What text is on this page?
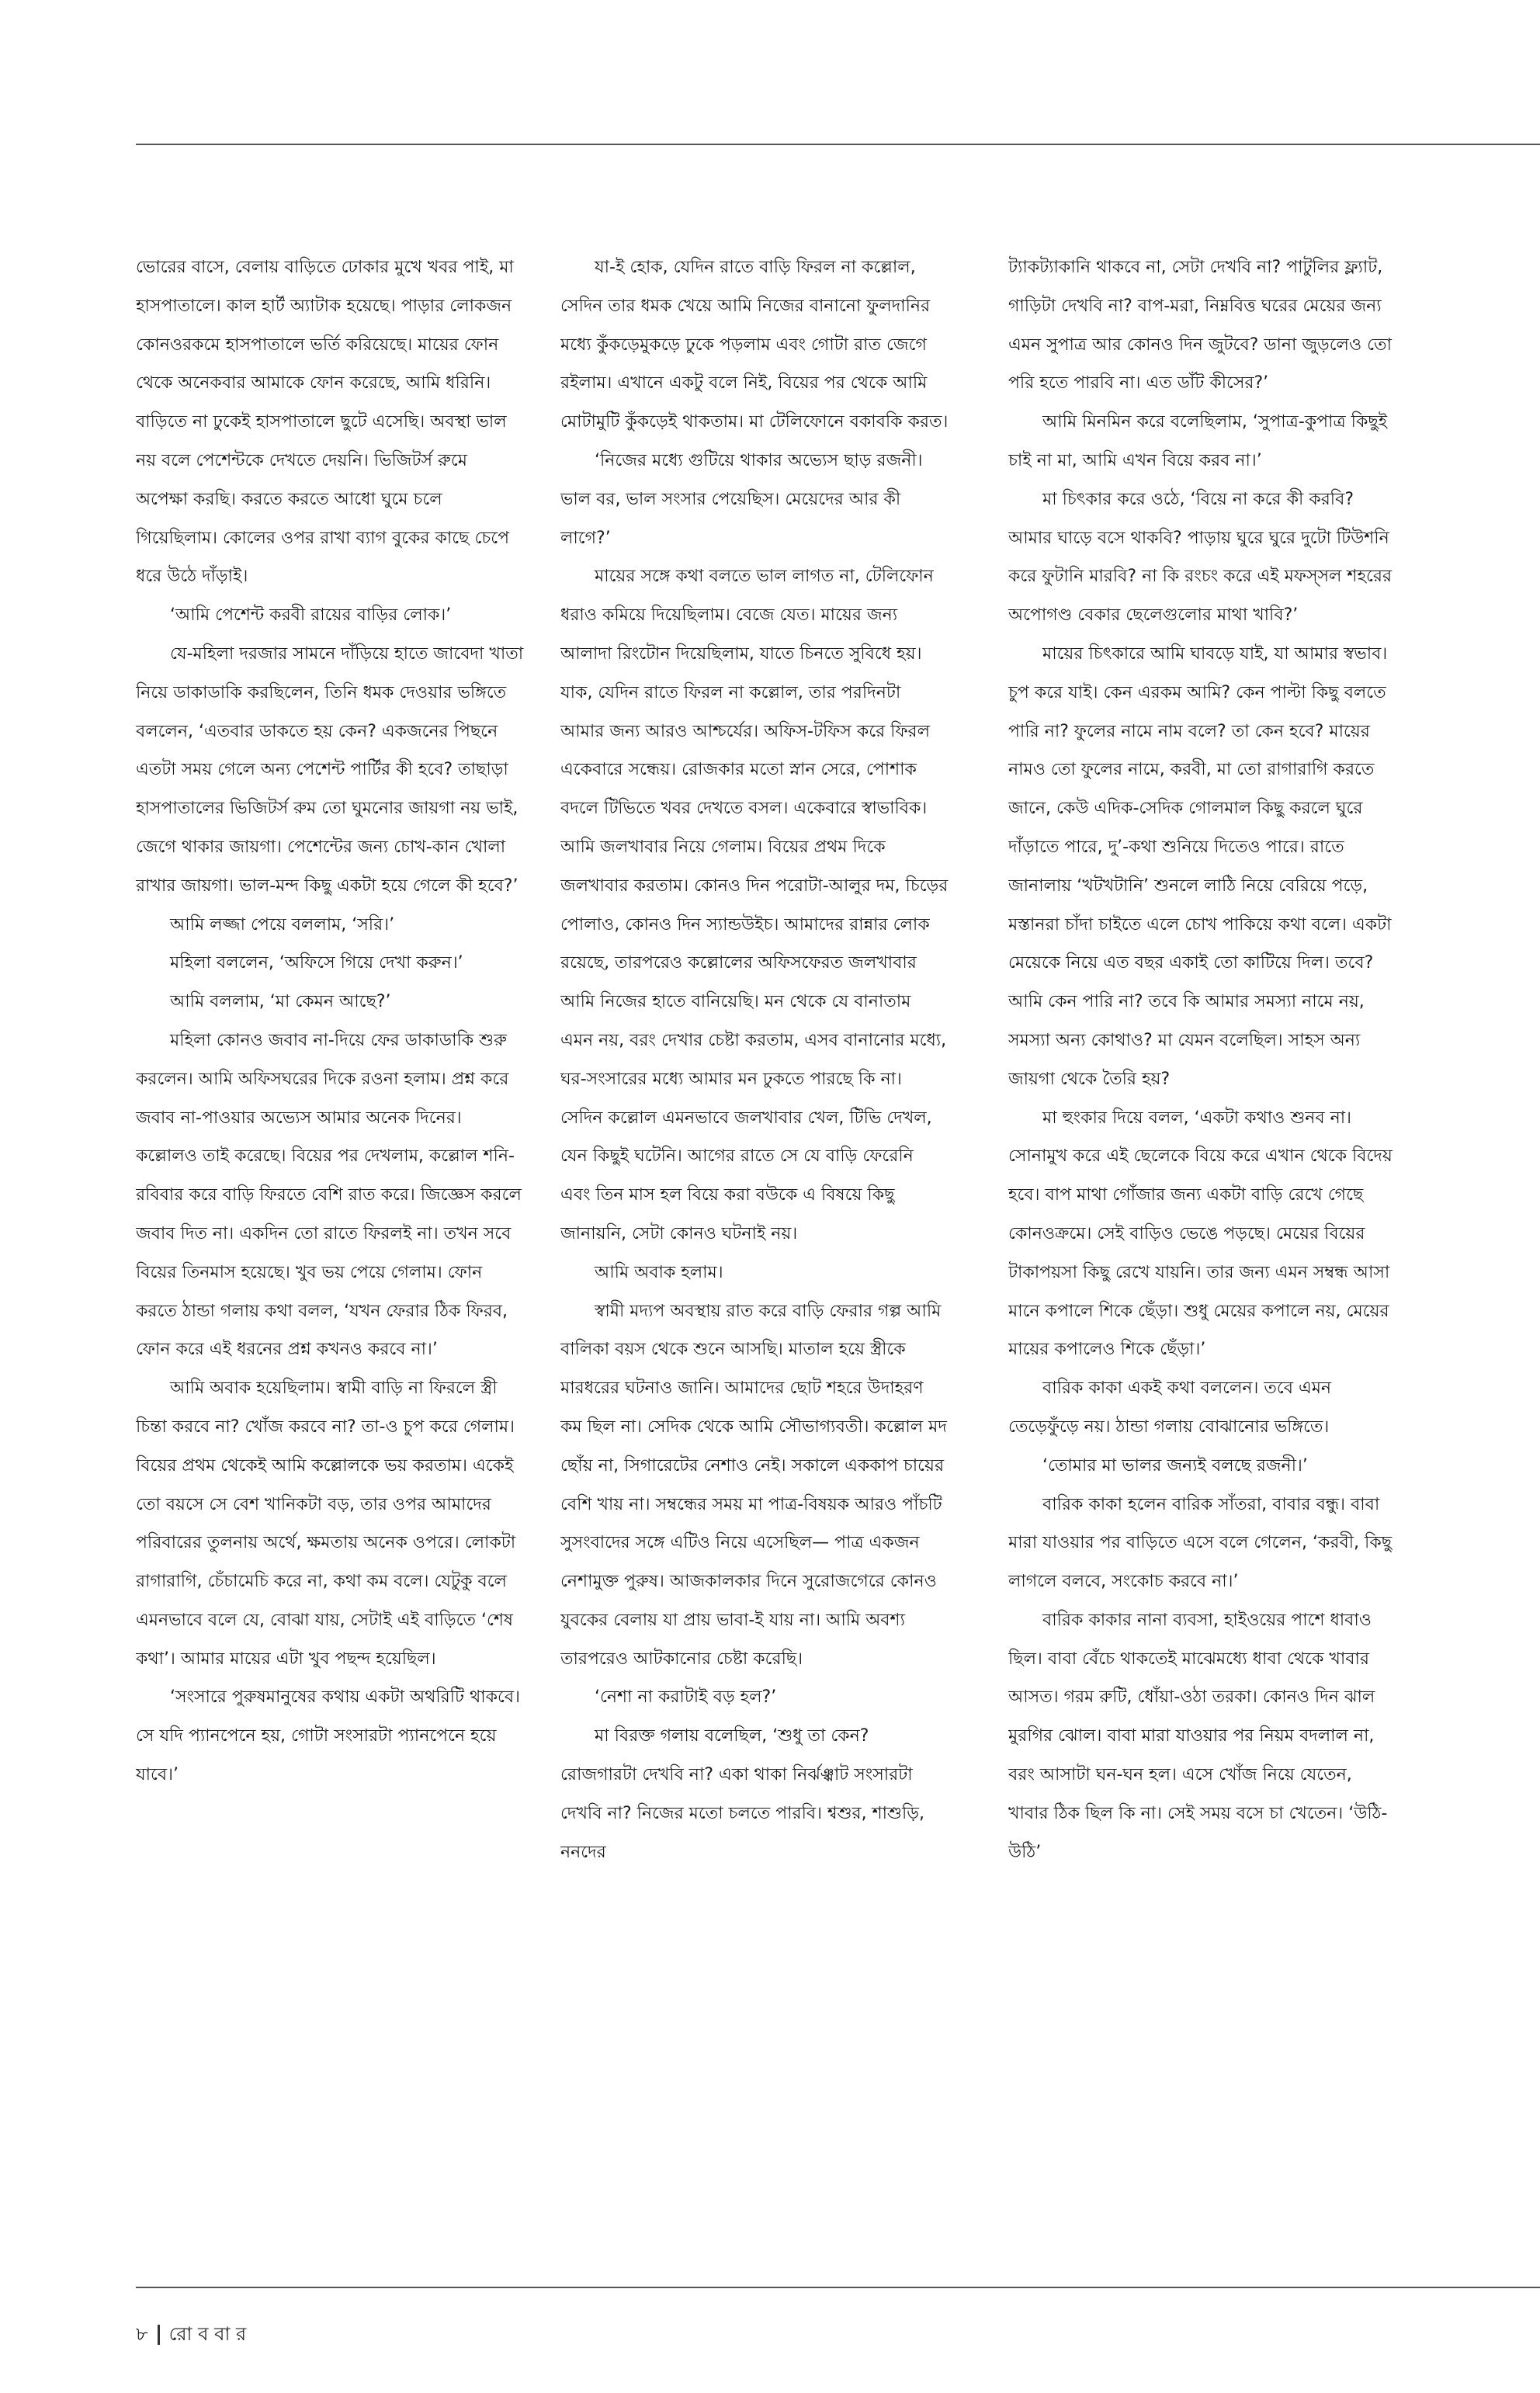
ভোরের বাসে, বেলায় বাড়িতে ঢোকার মুখে খবর পাই, মা হাসপাতালে। কাল হার্ট অ্যাটাক হয়েছে। পাড়ার লোকজন কোনওরকমে হাসপাতালে ভর্তি করিয়েছে। মায়ের ফোন থেকে অনেকবার আমাকে ফোন করেছে, আমি ধরিনি। বাড়িতে না ঢুকেই হাসপাতালে ছুটে এসেছি। অবস্থা ভাল নয় বলে পেশেন্টকে দেখতে দেয়নি। ভিজিটর্স রুমে অপেক্ষা করছি। করতে করতে আধো ঘুমে চলে গিয়েছিলাম। কোলের ওপর রাখা ব্যাগ বুকের কাছে চেপে ধরে উঠে দাঁড়াই।

‘আমি পেশেন্ট করবী রায়ের বাড়ির লোক।’

যে-মহিলা দরজার সামনে দাঁড়িয়ে হাতে জাবেদা খাতা নিয়ে ডাকাডাকি করছিলেন, তিনি ধমক দেওয়ার ভঙ্গিতে বললেন, ‘এতবার ডাকতে হয় কেন? একজনের পিছনে এতটা সময় গেলে অন্য পেশেন্ট পার্টির কী হবে? তাছাড়া হাসপাতালের ভিজিটর্স রুম তো ঘুমনোর জায়গা নয় ভাই, জেগে থাকার জায়গা। পেশেন্টের জন্য চোখ-কান খোলা রাখার জায়গা। ভাল-মন্দ কিছু একটা হয়ে গেলে কী হবে?’

আমি লজ্জা পেয়ে বললাম, ‘সরি।’

মহিলা বললেন, ‘অফিসে গিয়ে দেখা করুন।’

আমি বললাম, ‘মা কেমন আছে?’

মহিলা কোনও জবাব না-দিয়ে ফের ডাকাডাকি শুরু করলেন। আমি অফিসঘরের দিকে রওনা হলাম। প্রশ্ন করে জবাব না-পাওয়ার অভ্যেস আমার অনেক দিনের। কল্লোলও তাই করেছে। বিয়ের পর দেখলাম, কল্লোল শনি-রবিবার করে বাড়ি ফিরতে বেশি রাত করে। জিজ্ঞেস করলে জবাব দিত না। একদিন তো রাতে ফিরলই না। তখন সবে বিয়ের তিনমাস হয়েছে। খুব ভয় পেয়ে গেলাম। ফোন করতে ঠান্ডা গলায় কথা বলল, ‘যখন ফেরার ঠিক ফিরব, ফোন করে এই ধরনের প্রশ্ন কখনও করবে না।’

আমি অবাক হয়েছিলাম। স্বামী বাড়ি না ফিরলে স্ত্রী চিন্তা করবে না? খোঁজ করবে না? তা-ও চুপ করে গেলাম। বিয়ের প্রথম থেকেই আমি কল্লোলকে ভয় করতাম। একেই তো বয়সে সে বেশ খানিকটা বড়, তার ওপর আমাদের পরিবারের তুলনায় অর্থে, ক্ষমতায় অনেক ওপরে। লোকটা রাগারাগি, চেঁচামেচি করে না, কথা কম বলে। যেটুকু বলে এমনভাবে বলে যে, বোঝা যায়, সেটাই এই বাড়িতে ‘শেষ কথা’। আমার মায়ের এটা খুব পছন্দ হয়েছিল।

‘সংসারে পুরুষমানুষের কথায় একটা অথরিটি থাকবে। সে যদি প্যানপেনে হয়, গোটা সংসারটা প্যানপেনে হয়ে যাবে।’

যা-ই হোক, যেদিন রাতে বাড়ি ফিরল না কল্লোল, সেদিন তার ধমক খেয়ে আমি নিজের বানানো ফুলদানির মধ্যে কুঁকড়েমুকড়ে ঢুকে পড়লাম এবং গোটা রাত জেগে রইলাম। এখানে একটু বলে নিই, বিয়ের পর থেকে আমি মোটামুটি কুঁকড়েই থাকতাম। মা টেলিফোনে বকাবকি করত।

‘নিজের মধ্যে গুটিয়ে থাকার অভ্যেস ছাড় রজনী। ভাল বর, ভাল সংসার পেয়েছিস। মেয়েদের আর কী লাগে?’

মায়ের সঙ্গে কথা বলতে ভাল লাগত না, টেলিফোন ধরাও কমিয়ে দিয়েছিলাম। বেজে যেত। মায়ের জন্য আলাদা রিংটোন দিয়েছিলাম, যাতে চিনতে সুবিধে হয়। যাক, যেদিন রাতে ফিরল না কল্লোল, তার পরদিনটা আমার জন্য আরও আশ্চর্যের। অফিস-টফিস করে ফিরল একেবারে সন্ধেয়। রোজকার মতো স্নান সেরে, পোশাক বদলে টিভিতে খবর দেখতে বসল। একেবারে স্বাভাবিক। আমি জলখাবার নিয়ে গেলাম। বিয়ের প্রথম দিকে জলখাবার করতাম। কোনও দিন পরোটা-আলুর দম, চিড়ের পোলাও, কোনও দিন স্যান্ডউইচ। আমাদের রান্নার লোক রয়েছে, তারপরেও কল্লোলের অফিসফেরত জলখাবার আমি নিজের হাতে বানিয়েছি। মন থেকে যে বানাতাম এমন নয়, বরং দেখার চেষ্টা করতাম, এসব বানানোর মধ্যে, ঘর-সংসারের মধ্যে আমার মন ঢুকতে পারছে কি না। সেদিন কল্লোল এমনভাবে জলখাবার খেল, টিভি দেখল, যেন কিছুই ঘটেনি। আগের রাতে সে যে বাড়ি ফেরেনি এবং তিন মাস হল বিয়ে করা বউকে এ বিষয়ে কিছু জানায়নি, সেটা কোনও ঘটনাই নয়।

আমি অবাক হলাম।

স্বামী মদ্যপ অবস্থায় রাত করে বাড়ি ফেরার গল্প আমি বালিকা বয়স থেকে শুনে আসছি। মাতাল হয়ে স্ত্রীকে মারধরের ঘটনাও জানি। আমাদের ছোট শহরে উদাহরণ কম ছিল না। সেদিক থেকে আমি সৌভাগ্যবতী। কল্লোল মদ ছোঁয় না, সিগারেটের নেশাও নেই। সকালে এককাপ চায়ের বেশি খায় না। সম্বন্ধের সময় মা পাত্র-বিষয়ক আরও পাঁচটি সুসংবাদের সঙ্গে এটিও নিয়ে এসেছিল— পাত্র একজন নেশামুক্ত পুরুষ। আজকালকার দিনে সুরোজগেরে কোনও যুবকের বেলায় যা প্রায় ভাবা-ই যায় না। আমি অবশ্য তারপরেও আটকানোর চেষ্টা করেছি।

‘নেশা না করাটাই বড় হল?’

মা বিরক্ত গলায় বলেছিল, ‘শুধু তা কেন? রোজগারটা দেখবি না? একা থাকা নির্ঝঞ্ঝাট সংসারটা দেখবি না? নিজের মতো চলতে পারবি। শ্বশুর, শাশুড়ি, ননদের

ট্যাকট্যাকানি থাকবে না, সেটা দেখবি না? পাটুলির ফ্ল্যাট, গাড়িটা দেখবি না? বাপ-মরা, নিম্নবিত্ত ঘরের মেয়ের জন্য এমন সুপাত্র আর কোনও দিন জুটবে? ডানা জুড়লেও তো পরি হতে পারবি না। এত ডাঁট কীসের?’

আমি মিনমিন করে বলেছিলাম, ‘সুপাত্র-কুপাত্র কিছুই চাই না মা, আমি এখন বিয়ে করব না।’

মা চিৎকার করে ওঠে, ‘বিয়ে না করে কী করবি? আমার ঘাড়ে বসে থাকবি? পাড়ায় ঘুরে ঘুরে দুটো টিউশনি করে ফুটানি মারবি? না কি রংচং করে এই মফস্‌সল শহরের অপোগণ্ড বেকার ছেলেগুলোর মাথা খাবি?’

মায়ের চিৎকারে আমি ঘাবড়ে যাই, যা আমার স্বভাব। চুপ করে যাই। কেন এরকম আমি? কেন পাল্টা কিছু বলতে পারি না? ফুলের নামে নাম বলে? তা কেন হবে? মায়ের নামও তো ফুলের নামে, করবী, মা তো রাগারাগি করতে জানে, কেউ এদিক-সেদিক গোলমাল কিছু করলে ঘুরে দাঁড়াতে পারে, দু’-কথা শুনিয়ে দিতেও পারে। রাতে জানালায় ‘খটখটানি’ শুনলে লাঠি নিয়ে বেরিয়ে পড়ে, মস্তানরা চাঁদা চাইতে এলে চোখ পাকিয়ে কথা বলে। একটা মেয়েকে নিয়ে এত বছর একাই তো কাটিয়ে দিল। তবে? আমি কেন পারি না? তবে কি আমার সমস্যা নামে নয়, সমস্যা অন্য কোথাও? মা যেমন বলেছিল। সাহস অন্য জায়গা থেকে তৈরি হয়?

মা হুংকার দিয়ে বলল, ‘একটা কথাও শুনব না। সোনামুখ করে এই ছেলেকে বিয়ে করে এখান থেকে বিদেয় হবে। বাপ মাথা গোঁজার জন্য একটা বাড়ি রেখে গেছে কোনওক্রমে। সেই বাড়িও ভেঙে পড়ছে। মেয়ের বিয়ের টাকাপয়সা কিছু রেখে যায়নি। তার জন্য এমন সম্বন্ধ আসা মানে কপালে শিকে ছেঁড়া। শুধু মেয়ের কপালে নয়, মেয়ের মায়ের কপালেও শিকে ছেঁড়া।’

বারিক কাকা একই কথা বললেন। তবে এমন তেড়েফুঁড়ে নয়। ঠান্ডা গলায় বোঝানোর ভঙ্গিতে।

‘তোমার মা ভালর জন্যই বলছে রজনী।’

বারিক কাকা হলেন বারিক সাঁতরা, বাবার বন্ধু। বাবা মারা যাওয়ার পর বাড়িতে এসে বলে গেলেন, ‘করবী, কিছু লাগলে বলবে, সংকোচ করবে না।’

বারিক কাকার নানা ব্যবসা, হাইওয়ের পাশে ধাবাও ছিল। বাবা বেঁচে থাকতেই মাঝেমধ্যে ধাবা থেকে খাবার আসত। গরম রুটি, ধোঁয়া-ওঠা তরকা। কোনও দিন ঝাল মুরগির ঝোল। বাবা মারা যাওয়ার পর নিয়ম বদলাল না, বরং আসাটা ঘন-ঘন হল। এসে খোঁজ নিয়ে যেতেন, খাবার ঠিক ছিল কি না। সেই সময় বসে চা খেতেন। ‘উঠি-উঠি’

৮ রো ব বা র
